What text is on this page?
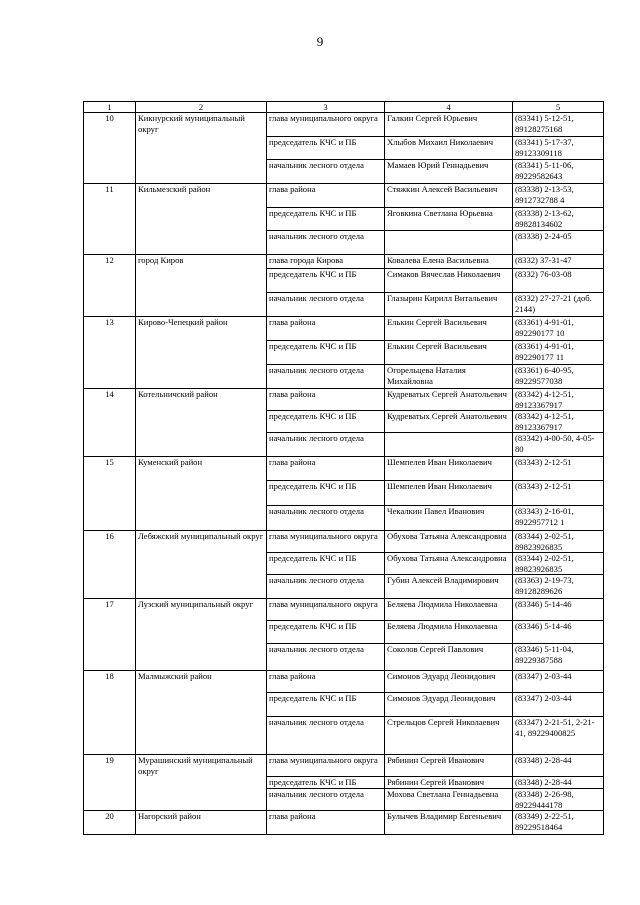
9
1	2	3	4	5
10	Кикнурский муниципальный округ	глава муниципального округа	Галкин Сергей Юрьевич	(83341) 5-12-51, 89128275168
		председатель КЧС и ПБ	Хлыбов Михаил Николаевич	(83341) 5-17-37, 89123309118
		начальник лесного отдела	Мамаев Юрий Геннадьевич	(83341) 5-11-06, 89229582643
11	Кильмезский район	глава района	Стяжкин Алексей Васильевич	(83338) 2-13-53, 8912732788 4
		председатель КЧС и ПБ	Яговкина Светлана Юрьевна	(83338) 2-13-62, 89828134602
		начальник лесного отдела		(83338) 2-24-05
12	город Киров	глава города Кирова	Ковалева Елена Васильевна	(8332) 37-31-47
		председатель КЧС и ПБ	Симаков Вячеслав Николаевич	(8332) 76-03-08
		начальник лесного отдела	Глазырин Кирилл Витальевич	(8332) 27-27-21 (доб. 2144)
13	Кирово-Чепецкий район	глава района	Елькин Сергей Васильевич	(83361) 4-91-01, 892290177 10
		председатель КЧС и ПБ	Елькин Сергей Васильевич	(83361) 4-91-01, 892290177 11
		начальник лесного отдела	Огорельцева Наталия Михайловна	(83361) 6-40-95, 89229577038
14	Котельничский район	глава района	Кудреватых Сергей Анатольевич	(83342) 4-12-51, 89123367917
		председатель КЧС и ПБ	Кудреватых Сергей Анатольевич	(83342) 4-12-51, 89123367917
		начальник лесного отдела		(83342) 4-00-50, 4-05-80
15	Куменский район	глава района	Шемпелев Иван Николаевич	(83343) 2-12-51
		председатель КЧС и ПБ	Шемпелев Иван Николаевич	(83343) 2-12-51
		начальник лесного отдела	Чекалкин Павел Иванович	(83343) 2-16-01, 8922957712 1
16	Лебяжский муниципальный округ	глава муниципального округа	Обухова Татьяна Александровна	(83344) 2-02-51, 89823926835
		председатель КЧС и ПБ	Обухова Татьяна Александровна	(83344) 2-02-51, 89823926835
		начальник лесного отдела	Губин Алексей Владимирович	(83363) 2-19-73, 89128289626
17	Лузский муниципальный округ	глава муниципального округа	Беляева Людмила Николаевна	(83346) 5-14-46
		председатель КЧС и ПБ	Беляева Людмила Николаевна	(83346) 5-14-46
		начальник лесного отдела	Соколов Сергей Павлович	(83346) 5-11-04, 89229387588
18	Малмыжский район	глава района	Симонов Эдуард Леонидович	(83347) 2-03-44
		председатель КЧС и ПБ	Симонов Эдуард Леонидович	(83347) 2-03-44
		начальник лесного отдела	Стрельцов Сергей Николаевич	(83347) 2-21-51, 2-21-41, 89229400825
19	Мурашинский муниципальный округ	глава муниципального округа	Рябинин Сергей Иванович	(83348) 2-28-44
		председатель КЧС и ПБ	Рябинин Сергей Иванович	(83348) 2-28-44
		начальник лесного отдела	Мохова Светлана Геннадьевна	(83348) 2-26-98, 89229444178
20	Нагорский район	глава района	Булычев Владимир Евгеньевич	(83349) 2-22-51, 89229518464
